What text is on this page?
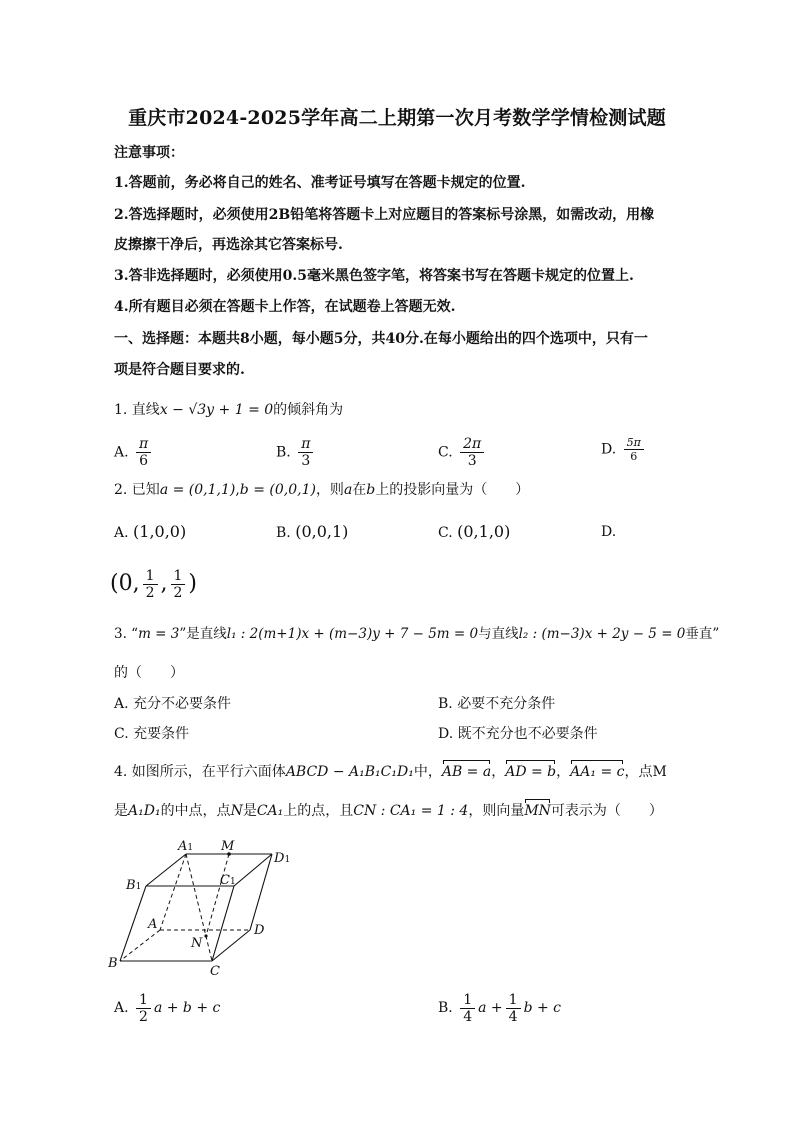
重庆市2024-2025学年高二上期第一次月考数学学情检测试题
注意事项：
1.答题前，务必将自己的姓名、准考证号填写在答题卡规定的位置.
2.答选择题时，必须使用2B铅笔将答题卡上对应题目的答案标号涂黑，如需改动，用橡
皮擦擦干净后，再选涂其它答案标号.
3.答非选择题时，必须使用0.5毫米黑色签字笔，将答案书写在答题卡规定的位置上.
4.所有题目必须在答题卡上作答，在试题卷上答题无效.
一、选择题：本题共8小题，每小题5分，共40分.在每小题给出的四个选项中，只有一
项是符合题目要求的.
1. 直线x − √3y + 1 = 0的倾斜角为
A. $\frac{\pi}{6}$	B. $\frac{\pi}{3}$	C. $\frac{2\pi}{3}$	D. $\frac{5\pi}{6}$
2. 已知a = (0,1,1),b = (0,0,1)，则a在b上的投影向量为（　　）
A. (1,0,0)	B. (0,0,1)	C. (0,1,0)	D.
(0, $\frac{1}{2}$ , $\frac{1}{2}$ )
3. “m = 3”是直线l₁ : 2(m+1)x + (m−3)y + 7 − 5m = 0与直线l₂ : (m−3)x + 2y − 5 = 0垂直”
的（　　）
A. 充分不必要条件	B. 必要不充分条件
C. 充要条件	D. 既不充分也不必要条件
4. 如图所示，在平行六面体ABCD − A₁B₁C₁D₁中，AB = a，AD = b，AA₁ = c，点M
是A₁D₁的中点，点N是CA₁上的点，且CN : CA₁ = 1 : 4，则向量MN可表示为（　　）
A1 M
D1
B1	C1
A	D
N
B
C
A. $\frac{1}{2}$ a + b + c	B. $\frac{1}{4}$ $a + \frac{1}{4}$ b + c
